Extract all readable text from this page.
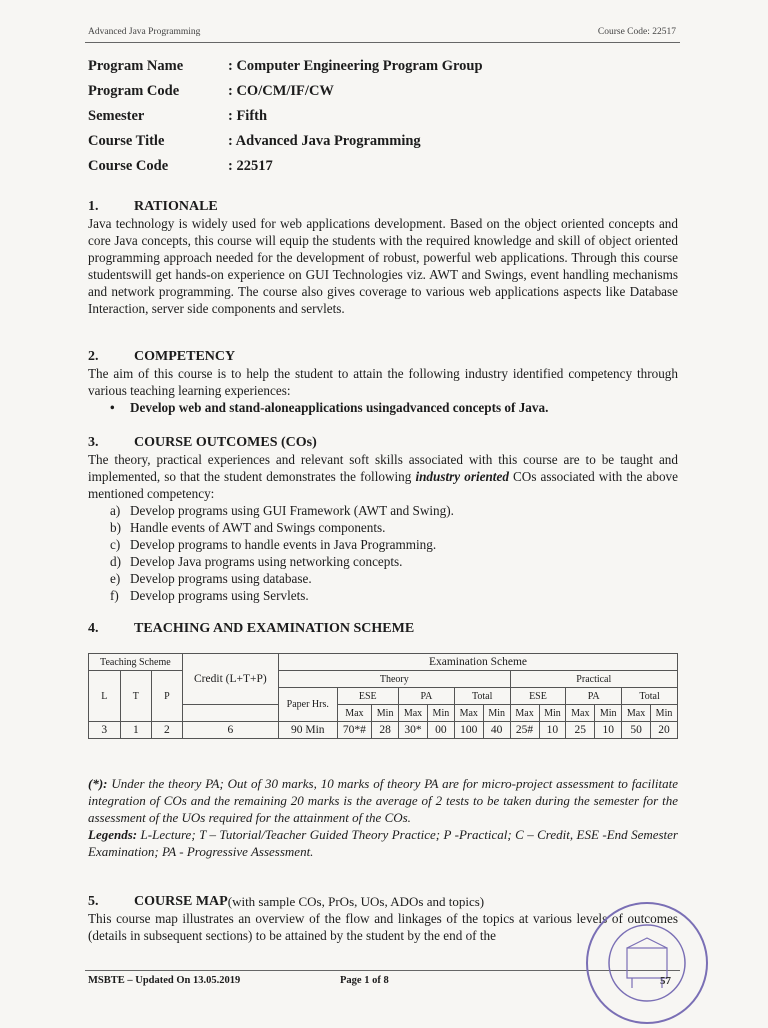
Advanced Java Programming	Course Code: 22517
Program Name	: Computer Engineering Program Group
Program Code	: CO/CM/IF/CW
Semester	: Fifth
Course Title	: Advanced Java Programming
Course Code	: 22517
1.	RATIONALE

Java technology is widely used for web applications development. Based on the object oriented concepts and core Java concepts, this course will equip the students with the required knowledge and skill of object oriented programming approach needed for the development of robust, powerful web applications. Through this course studentswill get hands-on experience on GUI Technologies viz. AWT and Swings, event handling mechanisms and network programming. The course also gives coverage to various web applications aspects like Database Interaction, server side components and servlets.

2.	COMPETENCY

The aim of this course is to help the student to attain the following industry identified competency through various teaching learning experiences:

•	Develop web and stand-aloneapplications usingadvanced concepts of Java.
3.	COURSE OUTCOMES (COs)

The theory, practical experiences and relevant soft skills associated with this course are to be taught and implemented, so that the student demonstrates the following industry oriented COs associated with the above mentioned competency:

a) Develop programs using GUI Framework (AWT and Swing).
b) Handle events of AWT and Swings components.
c) Develop programs to handle events in Java Programming.
d) Develop Java programs using networking concepts.
e) Develop programs using database.
f) Develop programs using Servlets.
4.	TEACHING AND EXAMINATION SCHEME
Teaching Scheme			Credit (L+T+P)	Examination Scheme												
L	T	P		Theory							Practical					
				Paper Hrs.	ESE		PA		Total		ESE		PA		Total	
					Max	Min	Max	Min	Max	Min	Max	Min	Max	Min	Max	Min
3	1	2	6	90 Min	70*#	28	30*	00	100	40	25#	10	25	10	50	20
(*): Under the theory PA; Out of 30 marks, 10 marks of theory PA are for micro-project assessment to facilitate integration of COs and the remaining 20 marks is the average of 2 tests to be taken during the semester for the assessment of the UOs required for the attainment of the COs.
Legends: L-Lecture; T – Tutorial/Teacher Guided Theory Practice; P -Practical; C – Credit, ESE -End Semester Examination; PA - Progressive Assessment.
5.	COURSE MAP (with sample COs, PrOs, UOs, ADOs and topics)

This course map illustrates an overview of the flow and linkages of the topics at various levels of outcomes (details in subsequent sections) to be attained by the student by the end of the

MSBTE – Updated On 13.05.2019	Page 1 of 8	57
